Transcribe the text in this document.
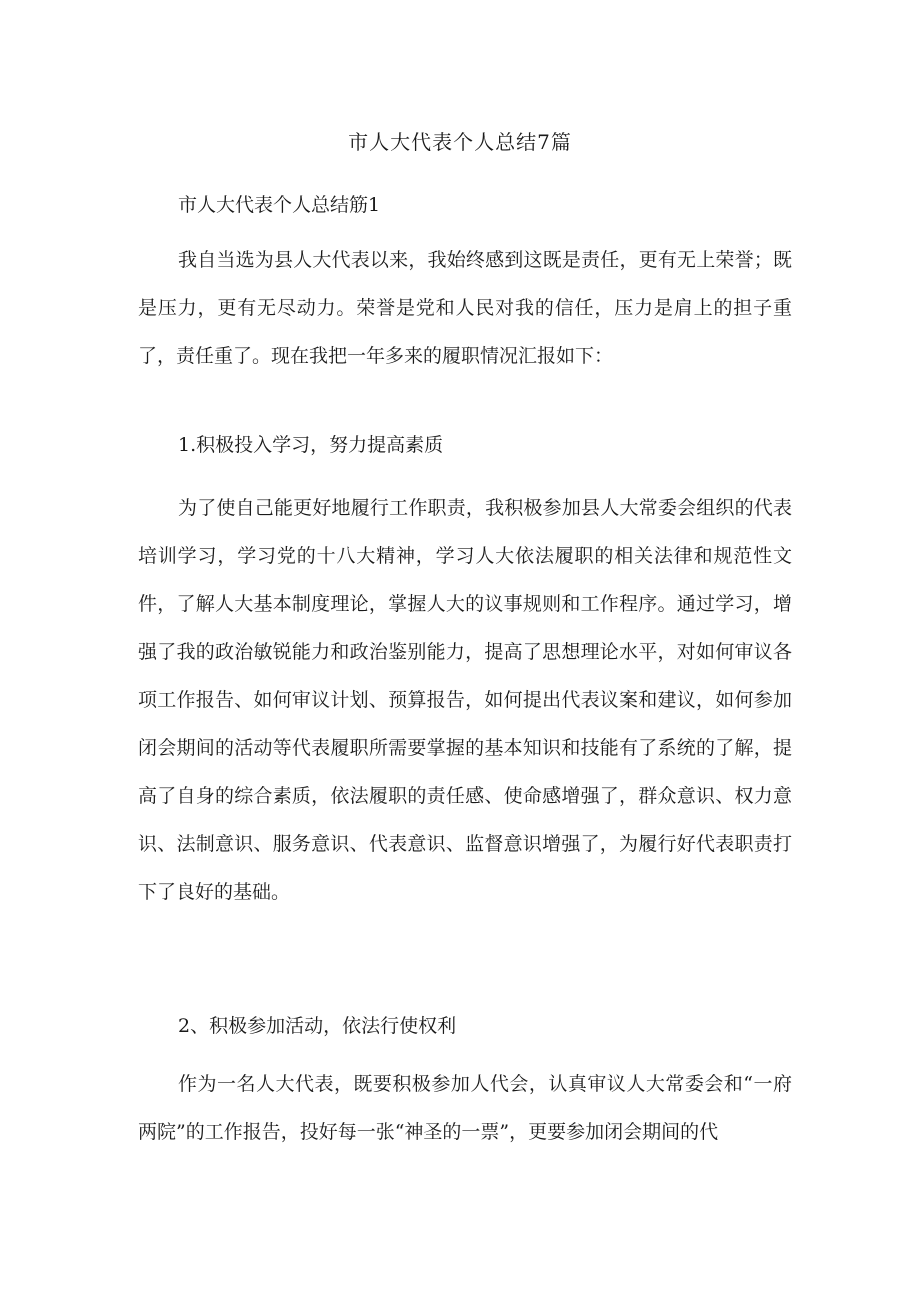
市人大代表个人总结7篇

市人大代表个人总结筋1

我自当选为县人大代表以来，我始终感到这既是责任，更有无上荣誉；既是压力，更有无尽动力。荣誉是党和人民对我的信任，压力是肩上的担子重了，责任重了。现在我把一年多来的履职情况汇报如下：

1.积极投入学习，努力提高素质

为了使自己能更好地履行工作职责，我积极参加县人大常委会组织的代表培训学习，学习党的十八大精神，学习人大依法履职的相关法律和规范性文件，了解人大基本制度理论，掌握人大的议事规则和工作程序。通过学习，增强了我的政治敏锐能力和政治鉴别能力，提高了思想理论水平，对如何审议各项工作报告、如何审议计划、预算报告，如何提出代表议案和建议，如何参加闭会期间的活动等代表履职所需要掌握的基本知识和技能有了系统的了解，提高了自身的综合素质，依法履职的责任感、使命感增强了，群众意识、权力意识、法制意识、服务意识、代表意识、监督意识增强了，为履行好代表职责打下了良好的基础。

2、积极参加活动，依法行使权利

作为一名人大代表，既要积极参加人代会，认真审议人大常委会和“一府两院”的工作报告，投好每一张“神圣的一票”，更要参加闭会期间的代
